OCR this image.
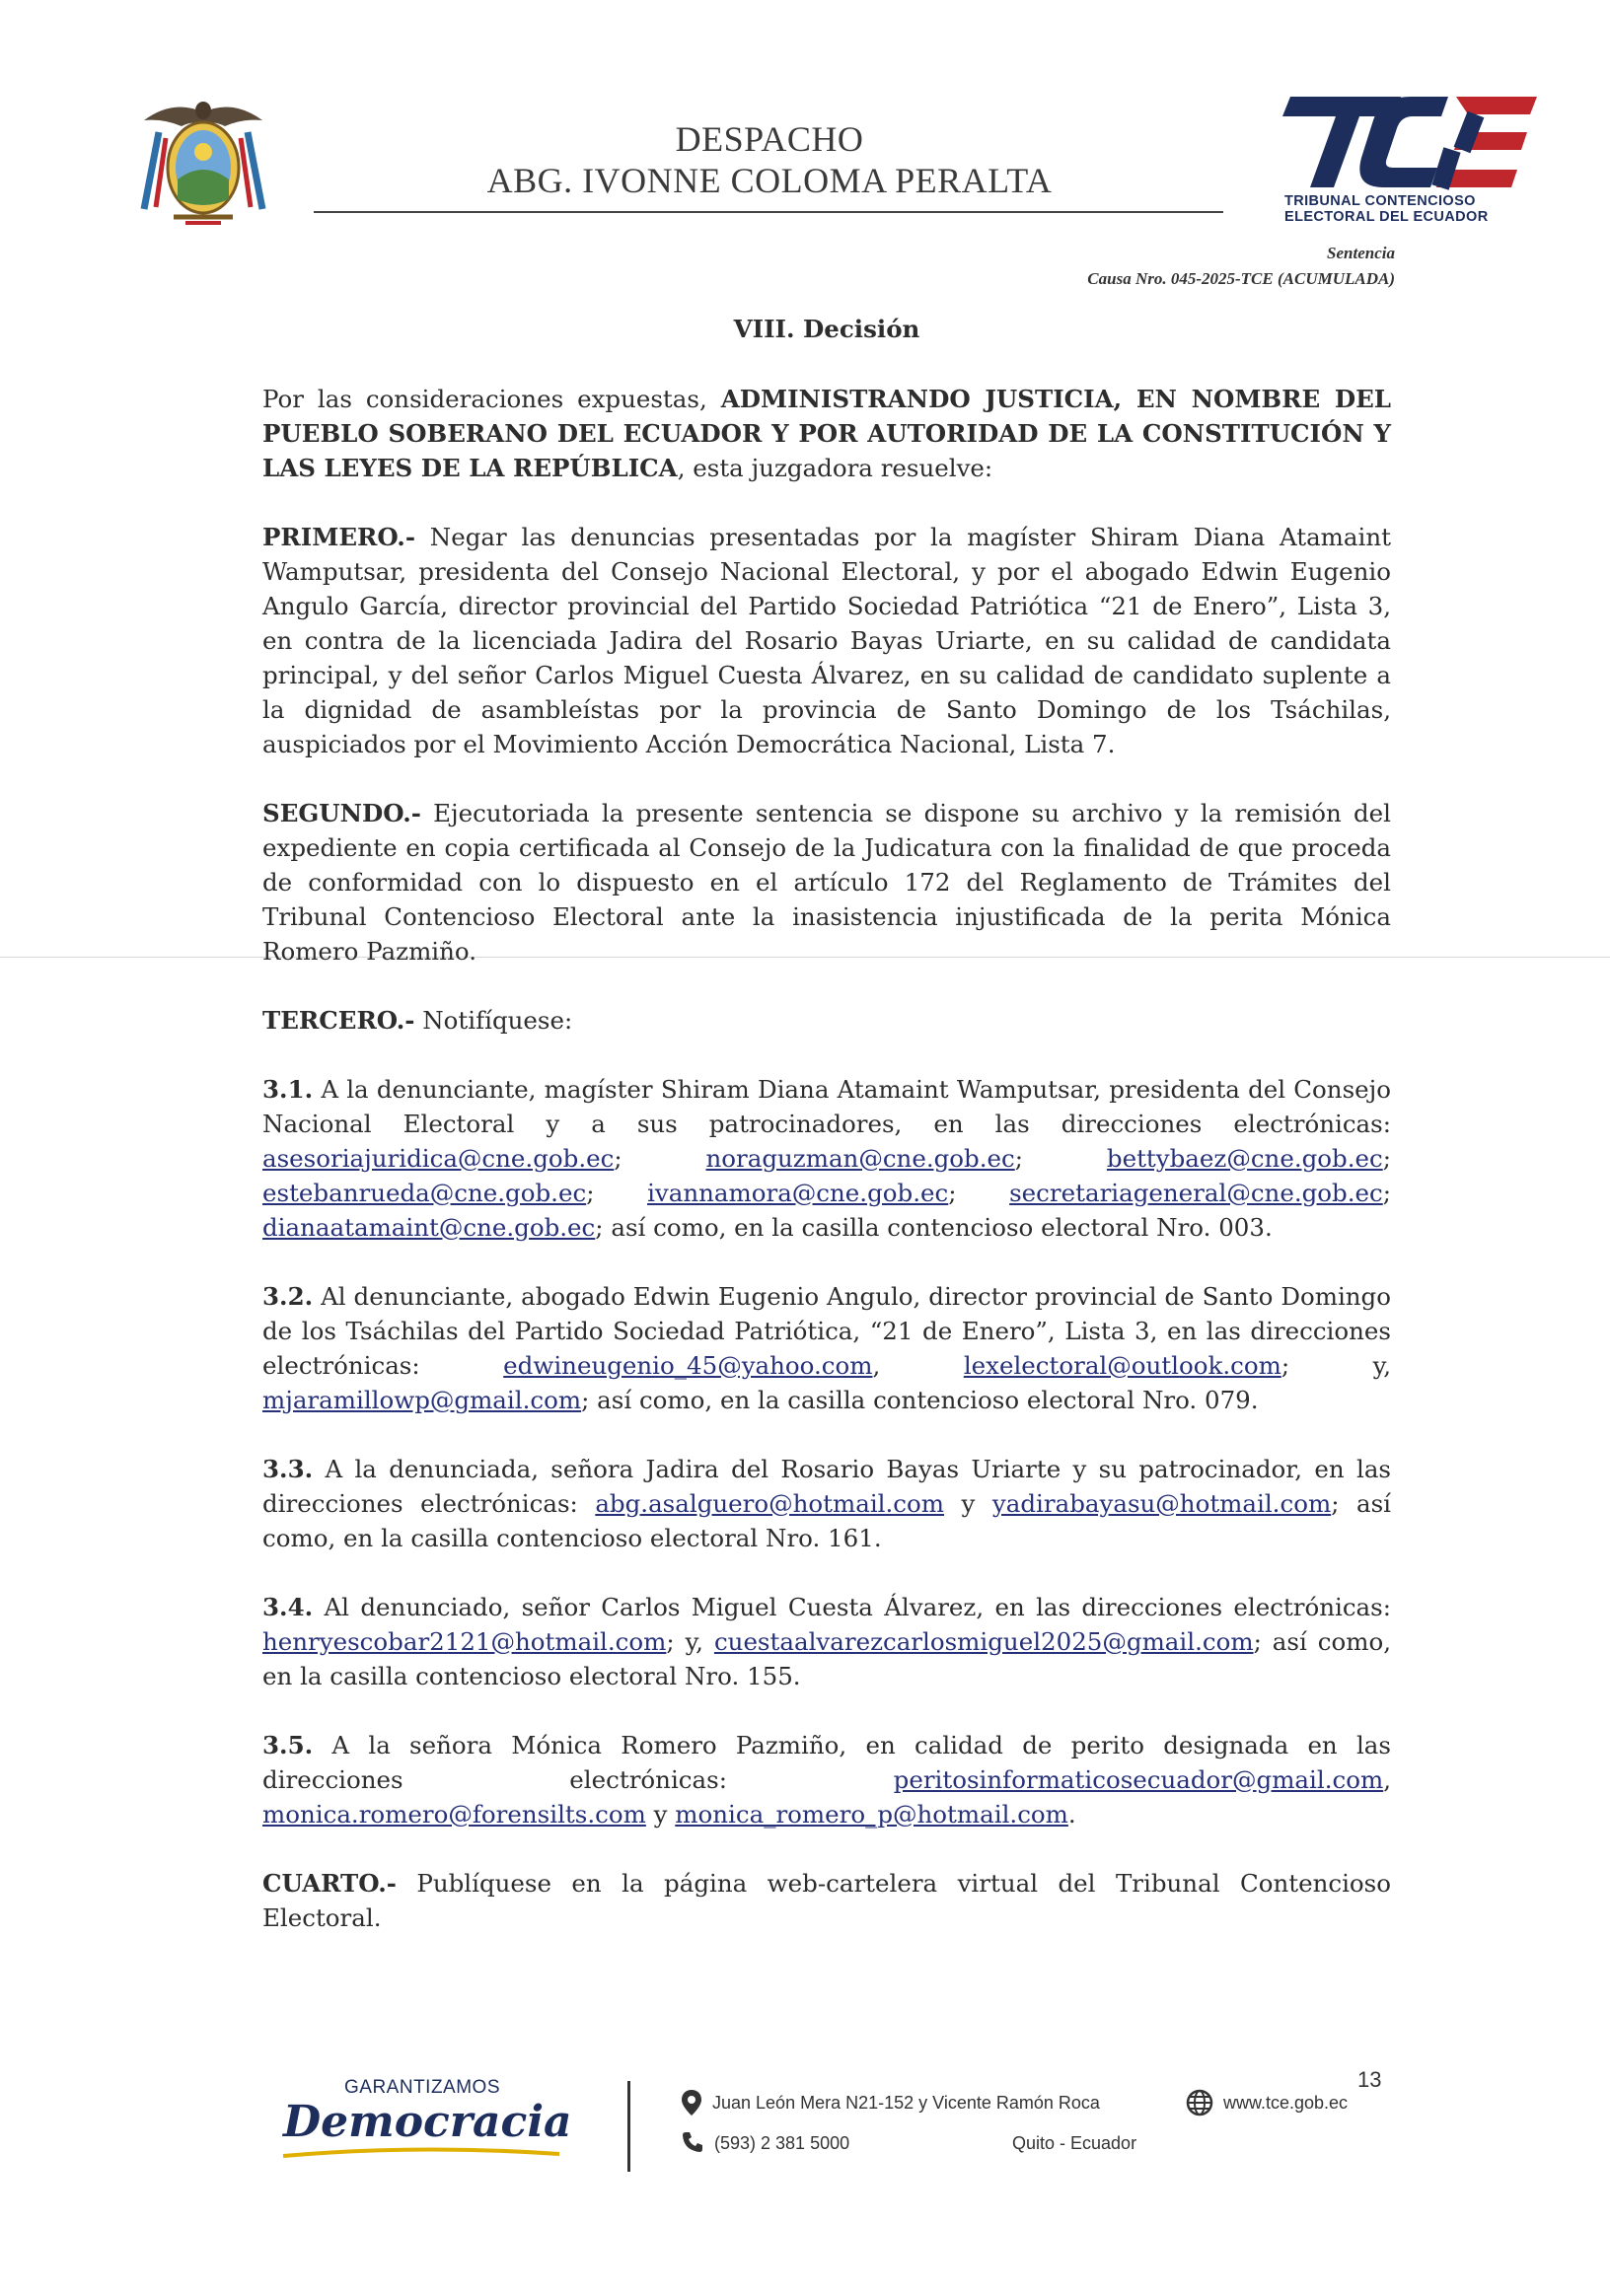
DESPACHO
ABG. IVONNE COLOMA PERALTA
TRIBUNAL CONTENCIOSO
ELECTORAL DEL ECUADOR
Sentencia
Causa Nro. 045-2025-TCE (ACUMULADA)
VIII. Decisión

Por las consideraciones expuestas, ADMINISTRANDO JUSTICIA, EN NOMBRE DEL PUEBLO SOBERANO DEL ECUADOR Y POR AUTORIDAD DE LA CONSTITUCIÓN Y LAS LEYES DE LA REPÚBLICA, esta juzgadora resuelve:

PRIMERO.- Negar las denuncias presentadas por la magíster Shiram Diana Atamaint Wamputsar, presidenta del Consejo Nacional Electoral, y por el abogado Edwin Eugenio Angulo García, director provincial del Partido Sociedad Patriótica “21 de Enero”, Lista 3, en contra de la licenciada Jadira del Rosario Bayas Uriarte, en su calidad de candidata principal, y del señor Carlos Miguel Cuesta Álvarez, en su calidad de candidato suplente a la dignidad de asambleístas por la provincia de Santo Domingo de los Tsáchilas, auspiciados por el Movimiento Acción Democrática Nacional, Lista 7.

SEGUNDO.- Ejecutoriada la presente sentencia se dispone su archivo y la remisión del expediente en copia certificada al Consejo de la Judicatura con la finalidad de que proceda de conformidad con lo dispuesto en el artículo 172 del Reglamento de Trámites del Tribunal Contencioso Electoral ante la inasistencia injustificada de la perita Mónica Romero Pazmiño.

TERCERO.- Notifíquese:

3.1. A la denunciante, magíster Shiram Diana Atamaint Wamputsar, presidenta del Consejo Nacional Electoral y a sus patrocinadores, en las direcciones electrónicas: asesoriajuridica@cne.gob.ec; noraguzman@cne.gob.ec; bettybaez@cne.gob.ec; estebanrueda@cne.gob.ec; ivannamora@cne.gob.ec; secretariageneral@cne.gob.ec; dianaatamaint@cne.gob.ec; así como, en la casilla contencioso electoral Nro. 003.

3.2. Al denunciante, abogado Edwin Eugenio Angulo, director provincial de Santo Domingo de los Tsáchilas del Partido Sociedad Patriótica, “21 de Enero”, Lista 3, en las direcciones electrónicas: edwineugenio_45@yahoo.com, lexelectoral@outlook.com; y, mjaramillowp@gmail.com; así como, en la casilla contencioso electoral Nro. 079.

3.3. A la denunciada, señora Jadira del Rosario Bayas Uriarte y su patrocinador, en las direcciones electrónicas: abg.asalguero@hotmail.com y yadirabayasu@hotmail.com; así como, en la casilla contencioso electoral Nro. 161.

3.4. Al denunciado, señor Carlos Miguel Cuesta Álvarez, en las direcciones electrónicas: henryescobar2121@hotmail.com; y, cuestaalvarezcarlosmiguel2025@gmail.com; así como, en la casilla contencioso electoral Nro. 155.

3.5. A la señora Mónica Romero Pazmiño, en calidad de perito designada en las direcciones electrónicas: peritosinformaticosecuador@gmail.com, monica.romero@forensilts.com y monica_romero_p@hotmail.com.

CUARTO.- Publíquese en la página web-cartelera virtual del Tribunal Contencioso Electoral.

GARANTIZAMOS
Democracia	Juan León Mera N21-152 y Vicente Ramón Roca
(593) 2 381 5000	Quito - Ecuador
www.tce.gob.ec
13
